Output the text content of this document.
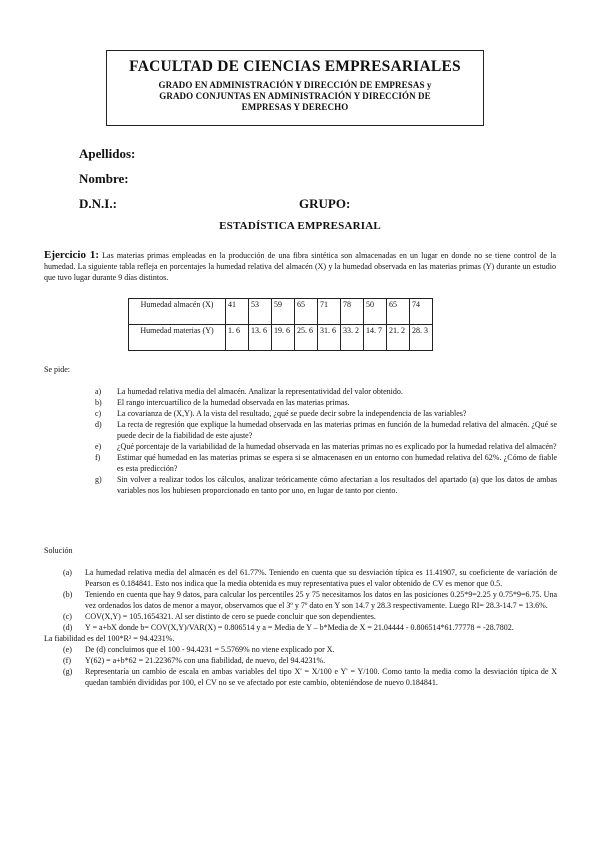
FACULTAD DE CIENCIAS EMPRESARIALES
GRADO EN ADMINISTRACIÓN Y DIRECCIÓN DE EMPRESAS y
GRADO CONJUNTAS EN ADMINISTRACIÓN Y DIRECCIÓN DE
EMPRESAS Y DERECHO
Apellidos:
Nombre:
D.N.I.:	GRUPO:
ESTADÍSTICA EMPRESARIAL
Ejercicio 1: Las materias primas empleadas en la producción de una fibra sintética son almacenadas en un lugar en donde no se tiene control de la humedad. La siguiente tabla refleja en porcentajes la humedad relativa del almacén (X) y la humedad observada en las materias primas (Y) durante un estudio que tuvo lugar durante 9 días distintos.
Humedad almacén (X)	41	53	59	65	71	78	50	65	74
Humedad materias (Y)	1. 6	13. 6	19. 6	25. 6	31. 6	33. 2	14. 7	21. 2	28. 3
Se pide:
a) La humedad relativa media del almacén. Analizar la representatividad del valor obtenido.
b) El rango intercuartílico de la humedad observada en las materias primas.
c) La covarianza de (X,Y). A la vista del resultado, ¿qué se puede decir sobre la independencia de las variables?
d) La recta de regresión que explique la humedad observada en las materias primas en función de la humedad relativa del almacén. ¿Qué se puede decir de la fiabilidad de este ajuste?
e) ¿Qué porcentaje de la variabilidad de la humedad observada en las materias primas no es explicado por la humedad relativa del almacén?
f) Estimar qué humedad en las materias primas se espera si se almacenasen en un entorno con humedad relativa del 62%. ¿Cómo de fiable es esta predicción?
g) Sin volver a realizar todos los cálculos, analizar teóricamente cómo afectarían a los resultados del apartado (a) que los datos de ambas variables nos los hubiesen proporcionado en tanto por uno, en lugar de tanto por ciento.
Solución
(a) La humedad relativa media del almacén es del 61.77%. Teniendo en cuenta que su desviación típica es 11.41907, su coeficiente de variación de Pearson es 0.184841. Esto nos indica que la media obtenida es muy representativa pues el valor obtenido de CV es menor que 0.5.
(b) Teniendo en cuenta que hay 9 datos, para calcular los percentiles 25 y 75 necesitamos los datos en las posiciones 0.25*9=2.25 y 0.75*9=6.75. Una vez ordenados los datos de menor a mayor, observamos que el 3º y 7º dato en Y son 14.7 y 28.3 respectivamente. Luego RI= 28.3-14.7 = 13.6%.
(c) COV(X,Y) = 105.1654321. Al ser distinto de cero se puede concluir que son dependientes.
(d) Y = a+bX donde b= COV(X,Y)/VAR(X) = 0.806514 y a = Media de Y – b*Media de X = 21.04444 - 0.806514*61.77778 = -28.7802.
La fiabilidad es del 100*R² = 94.4231%.
(e) De (d) concluimos que el 100 - 94.4231 = 5.5769% no viene explicado por X.
(f) Y(62) = a+b*62 = 21.22367% con una fiabilidad, de nuevo, del 94.4231%.
(g) Representaría un cambio de escala en ambas variables del tipo X' = X/100 e Y' = Y/100. Como tanto la media como la desviación típica de X quedan también divididas por 100, el CV no se ve afectado por este cambio, obteniéndose de nuevo 0.184841.
